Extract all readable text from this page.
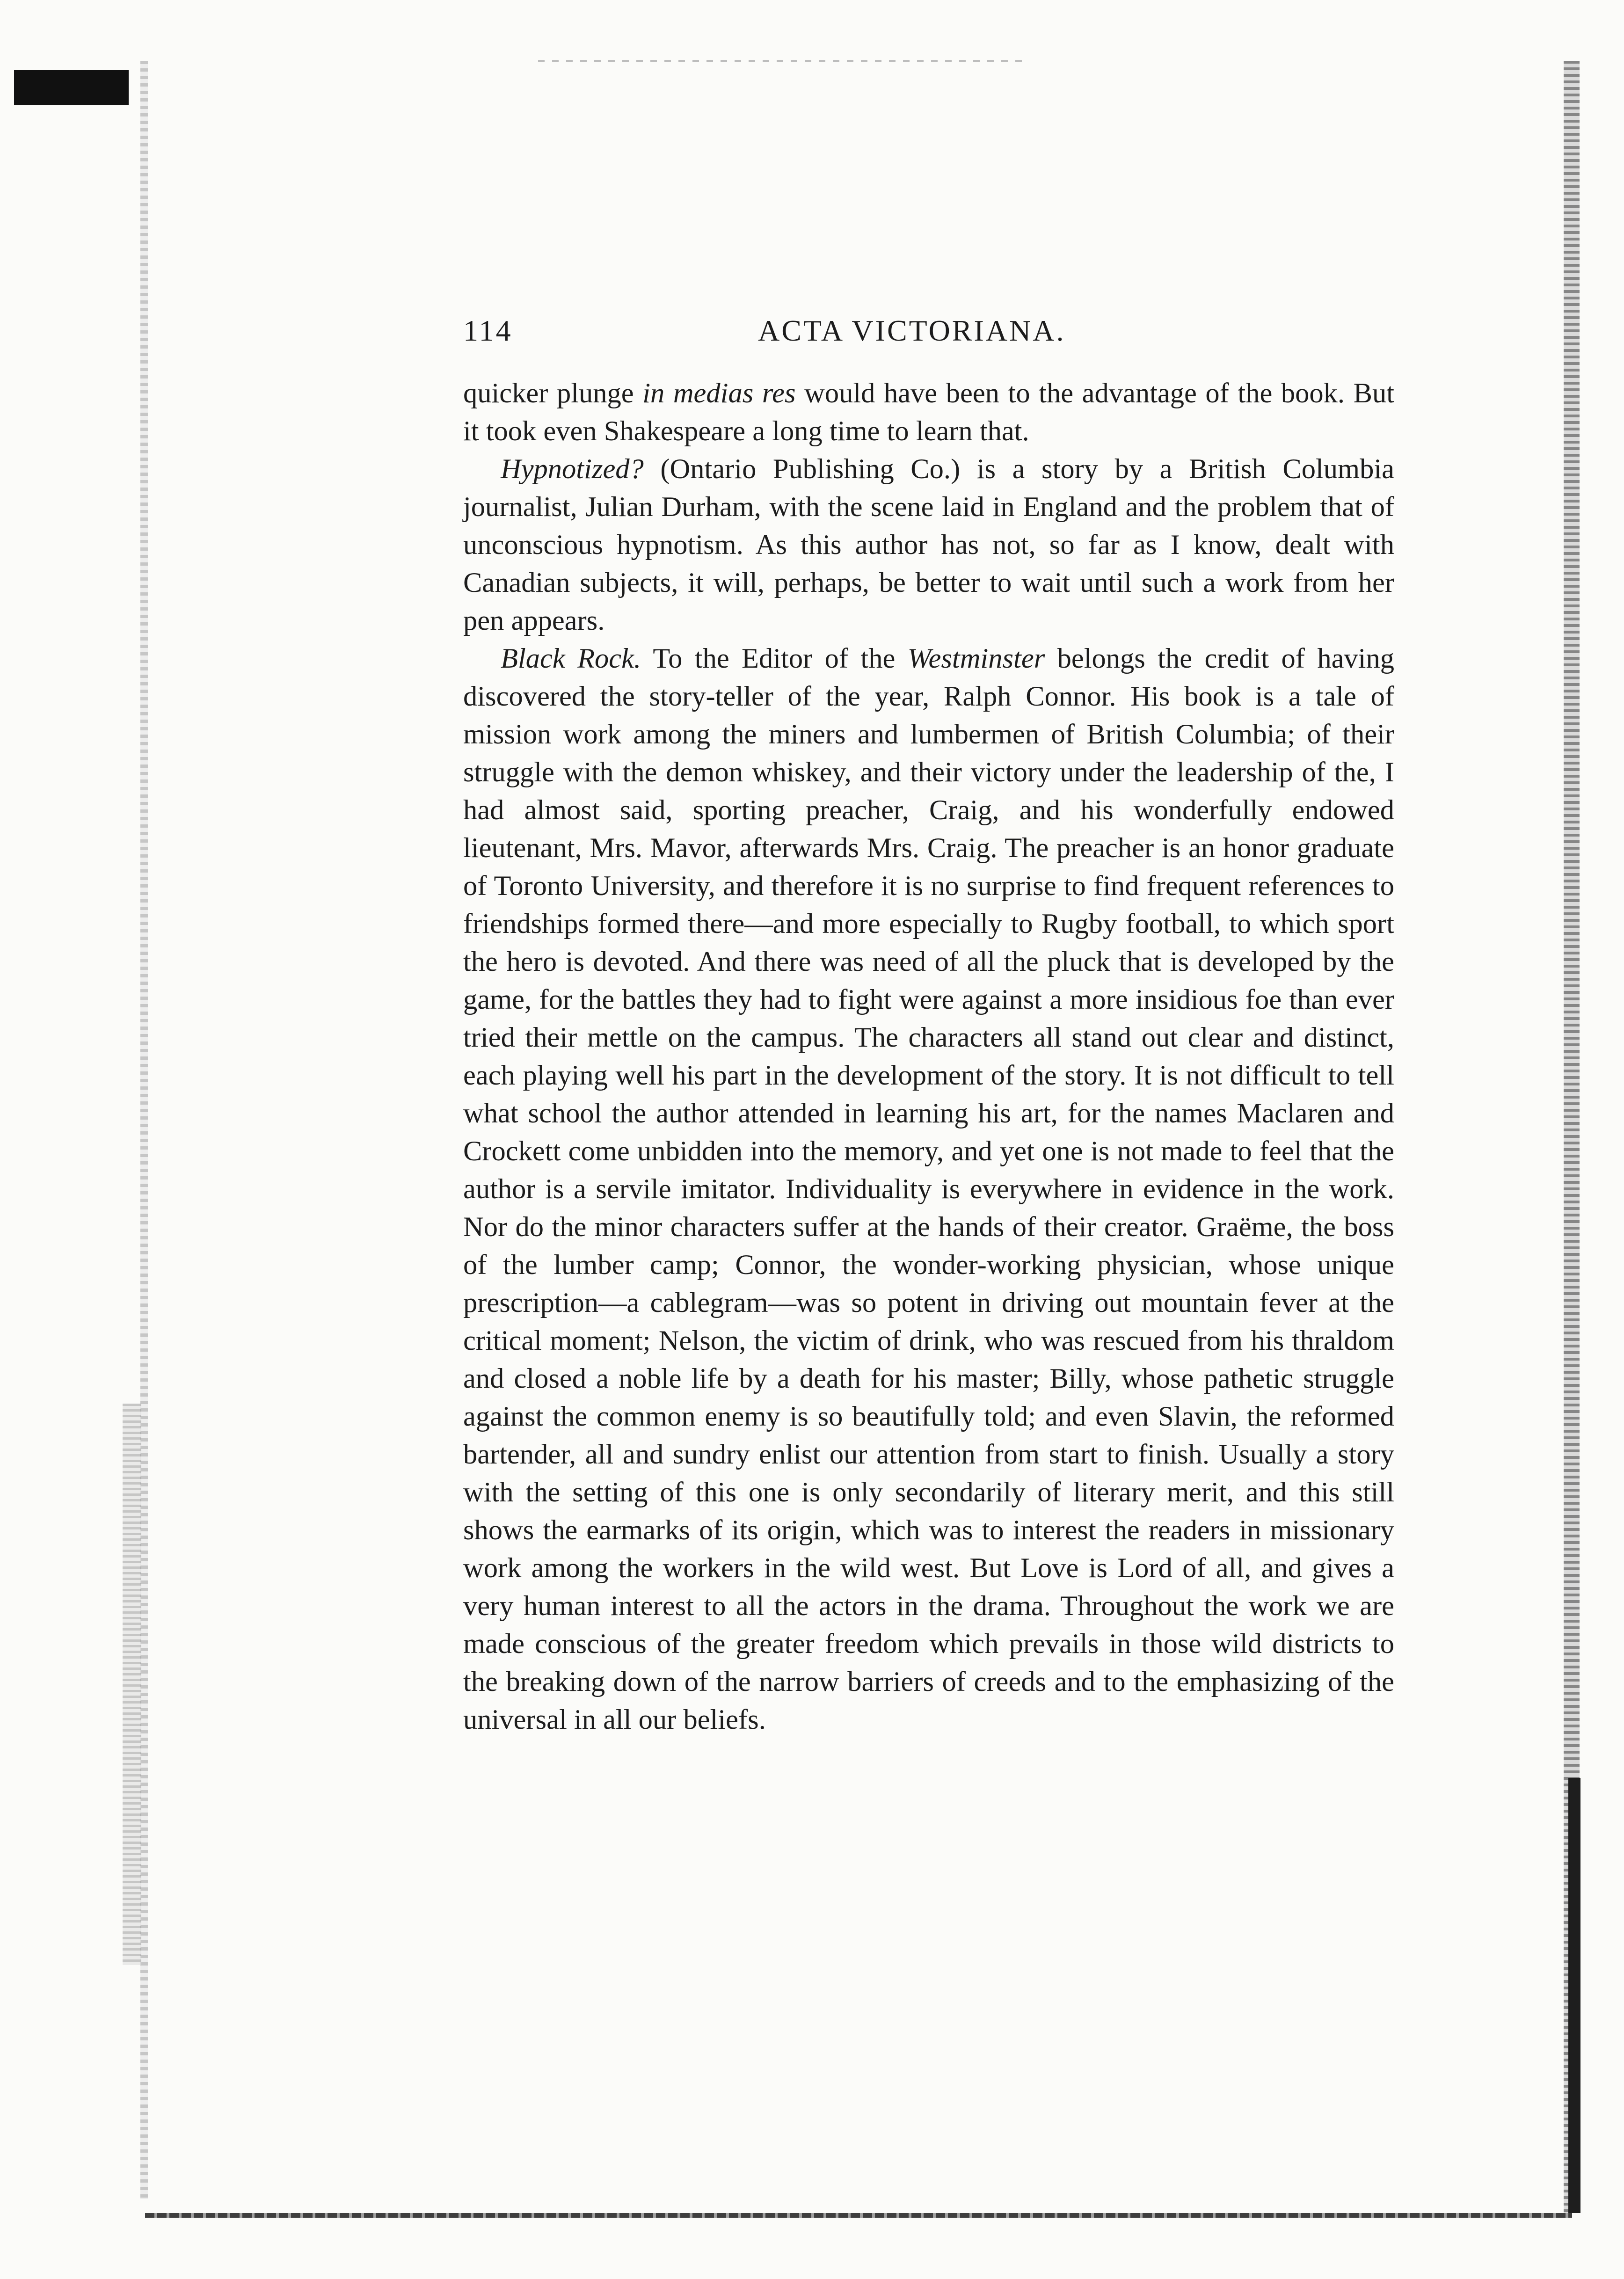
114	ACTA VICTORIANA.

quicker plunge in medias res would have been to the advantage of the book. But it took even Shakespeare a long time to learn that.

Hypnotized? (Ontario Publishing Co.) is a story by a British Columbia journalist, Julian Durham, with the scene laid in England and the problem that of unconscious hypnotism. As this author has not, so far as I know, dealt with Canadian subjects, it will, perhaps, be better to wait until such a work from her pen appears.

Black Rock. To the Editor of the Westminster belongs the credit of having discovered the story-teller of the year, Ralph Connor. His book is a tale of mission work among the miners and lumbermen of British Columbia; of their struggle with the demon whiskey, and their victory under the leadership of the, I had almost said, sporting preacher, Craig, and his wonderfully endowed lieutenant, Mrs. Mavor, afterwards Mrs. Craig. The preacher is an honor graduate of Toronto University, and therefore it is no surprise to find frequent references to friendships formed there—and more especially to Rugby football, to which sport the hero is devoted. And there was need of all the pluck that is developed by the game, for the battles they had to fight were against a more insidious foe than ever tried their mettle on the campus. The characters all stand out clear and distinct, each playing well his part in the development of the story. It is not difficult to tell what school the author attended in learning his art, for the names Maclaren and Crockett come unbidden into the memory, and yet one is not made to feel that the author is a servile imitator. Individuality is everywhere in evidence in the work. Nor do the minor characters suffer at the hands of their creator. Graëme, the boss of the lumber camp; Connor, the wonder-working physician, whose unique prescription—a cablegram—was so potent in driving out mountain fever at the critical moment; Nelson, the victim of drink, who was rescued from his thraldom and closed a noble life by a death for his master; Billy, whose pathetic struggle against the common enemy is so beautifully told; and even Slavin, the reformed bartender, all and sundry enlist our attention from start to finish. Usually a story with the setting of this one is only secondarily of literary merit, and this still shows the earmarks of its origin, which was to interest the readers in missionary work among the workers in the wild west. But Love is Lord of all, and gives a very human interest to all the actors in the drama. Throughout the work we are made conscious of the greater freedom which prevails in those wild districts to the breaking down of the narrow barriers of creeds and to the emphasizing of the universal in all our beliefs.
